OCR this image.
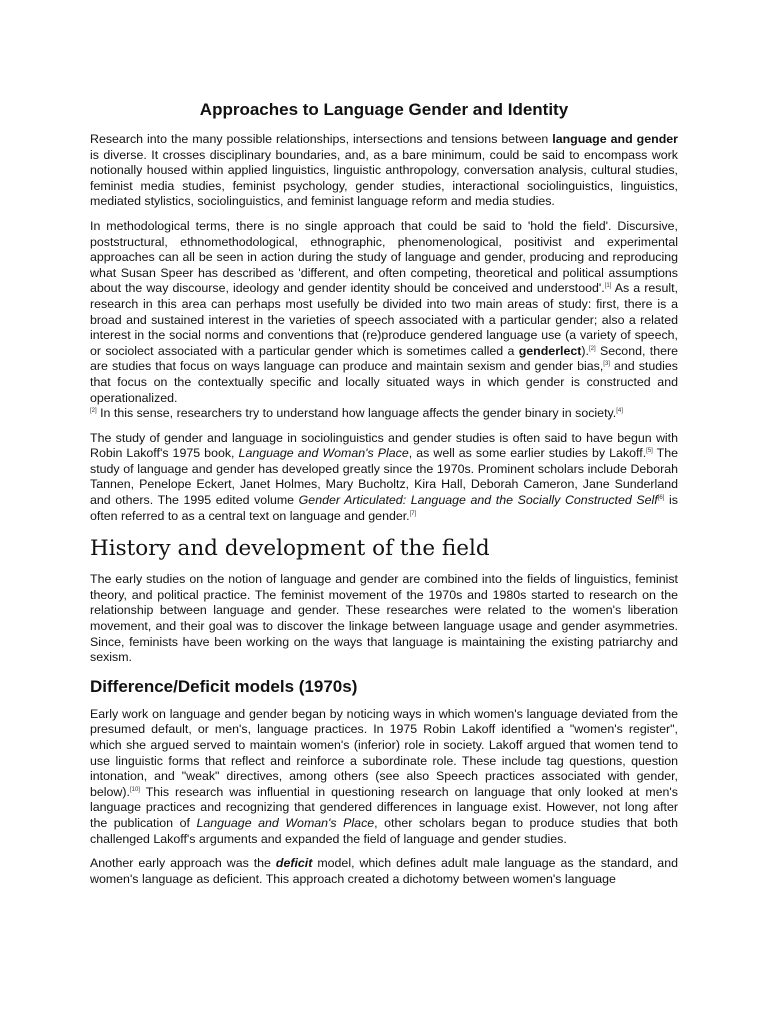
Approaches to Language Gender and Identity

Research into the many possible relationships, intersections and tensions between language and gender is diverse. It crosses disciplinary boundaries, and, as a bare minimum, could be said to encompass work notionally housed within applied linguistics, linguistic anthropology, conversation analysis, cultural studies, feminist media studies, feminist psychology, gender studies, interactional sociolinguistics, linguistics, mediated stylistics, sociolinguistics, and feminist language reform and media studies.

In methodological terms, there is no single approach that could be said to 'hold the field'. Discursive, poststructural, ethnomethodological, ethnographic, phenomenological, positivist and experimental approaches can all be seen in action during the study of language and gender, producing and reproducing what Susan Speer has described as 'different, and often competing, theoretical and political assumptions about the way discourse, ideology and gender identity should be conceived and understood'.[1] As a result, research in this area can perhaps most usefully be divided into two main areas of study: first, there is a broad and sustained interest in the varieties of speech associated with a particular gender; also a related interest in the social norms and conventions that (re)produce gendered language use (a variety of speech, or sociolect associated with a particular gender which is sometimes called a genderlect).[2] Second, there are studies that focus on ways language can produce and maintain sexism and gender bias,[3] and studies that focus on the contextually specific and locally situated ways in which gender is constructed and operationalized.
[2] In this sense, researchers try to understand how language affects the gender binary in society.[4]

The study of gender and language in sociolinguistics and gender studies is often said to have begun with Robin Lakoff's 1975 book, Language and Woman's Place, as well as some earlier studies by Lakoff.[5] The study of language and gender has developed greatly since the 1970s. Prominent scholars include Deborah Tannen, Penelope Eckert, Janet Holmes, Mary Bucholtz, Kira Hall, Deborah Cameron, Jane Sunderland and others. The 1995 edited volume Gender Articulated: Language and the Socially Constructed Self[6] is often referred to as a central text on language and gender.[7]

History and development of the field

The early studies on the notion of language and gender are combined into the fields of linguistics, feminist theory, and political practice. The feminist movement of the 1970s and 1980s started to research on the relationship between language and gender. These researches were related to the women's liberation movement, and their goal was to discover the linkage between language usage and gender asymmetries. Since, feminists have been working on the ways that language is maintaining the existing patriarchy and sexism.

Difference/Deficit models (1970s)

Early work on language and gender began by noticing ways in which women's language deviated from the presumed default, or men's, language practices. In 1975 Robin Lakoff identified a "women's register", which she argued served to maintain women's (inferior) role in society. Lakoff argued that women tend to use linguistic forms that reflect and reinforce a subordinate role. These include tag questions, question intonation, and "weak" directives, among others (see also Speech practices associated with gender, below).[10] This research was influential in questioning research on language that only looked at men's language practices and recognizing that gendered differences in language exist. However, not long after the publication of Language and Woman's Place, other scholars began to produce studies that both challenged Lakoff's arguments and expanded the field of language and gender studies.

Another early approach was the deficit model, which defines adult male language as the standard, and women's language as deficient. This approach created a dichotomy between women's language
